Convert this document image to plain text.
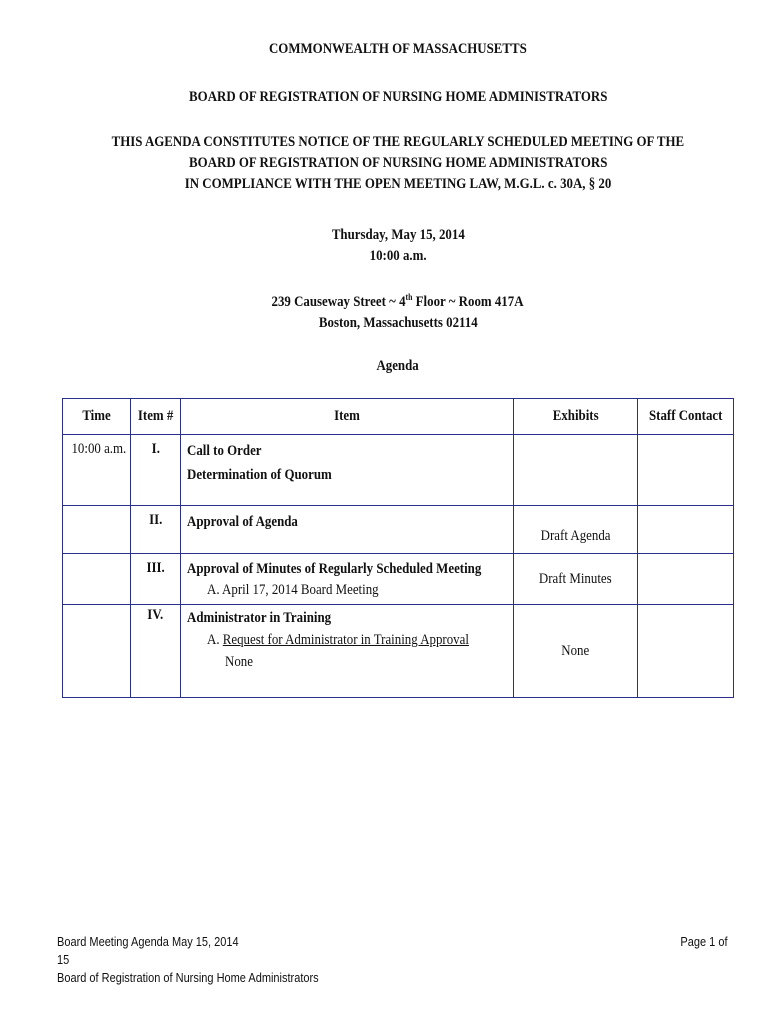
COMMONWEALTH OF MASSACHUSETTS
BOARD OF REGISTRATION OF NURSING HOME ADMINISTRATORS
THIS AGENDA CONSTITUTES NOTICE OF THE REGULARLY SCHEDULED MEETING OF THE
BOARD OF REGISTRATION OF NURSING HOME ADMINISTRATORS
IN COMPLIANCE WITH THE OPEN MEETING LAW, M.G.L. c. 30A, § 20
Thursday, May 15, 2014
10:00 a.m.
239 Causeway Street ~ 4th Floor ~ Room 417A
Boston, Massachusetts 02114
Agenda
Time	Item #	Item	Exhibits	Staff Contact
10:00 a.m.	I.	Call to Order
Determination of Quorum		

	II.	Approval of Agenda	Draft Agenda	
	III.	Approval of Minutes of Regularly Scheduled Meeting
A. April 17, 2014 Board Meeting	Draft Minutes	
	IV.	Administrator in Training
A. Request for Administrator in Training Approval
None	None	
Board Meeting Agenda May 15, 2014
15
Board of Registration of Nursing Home Administrators
Page 1 of
